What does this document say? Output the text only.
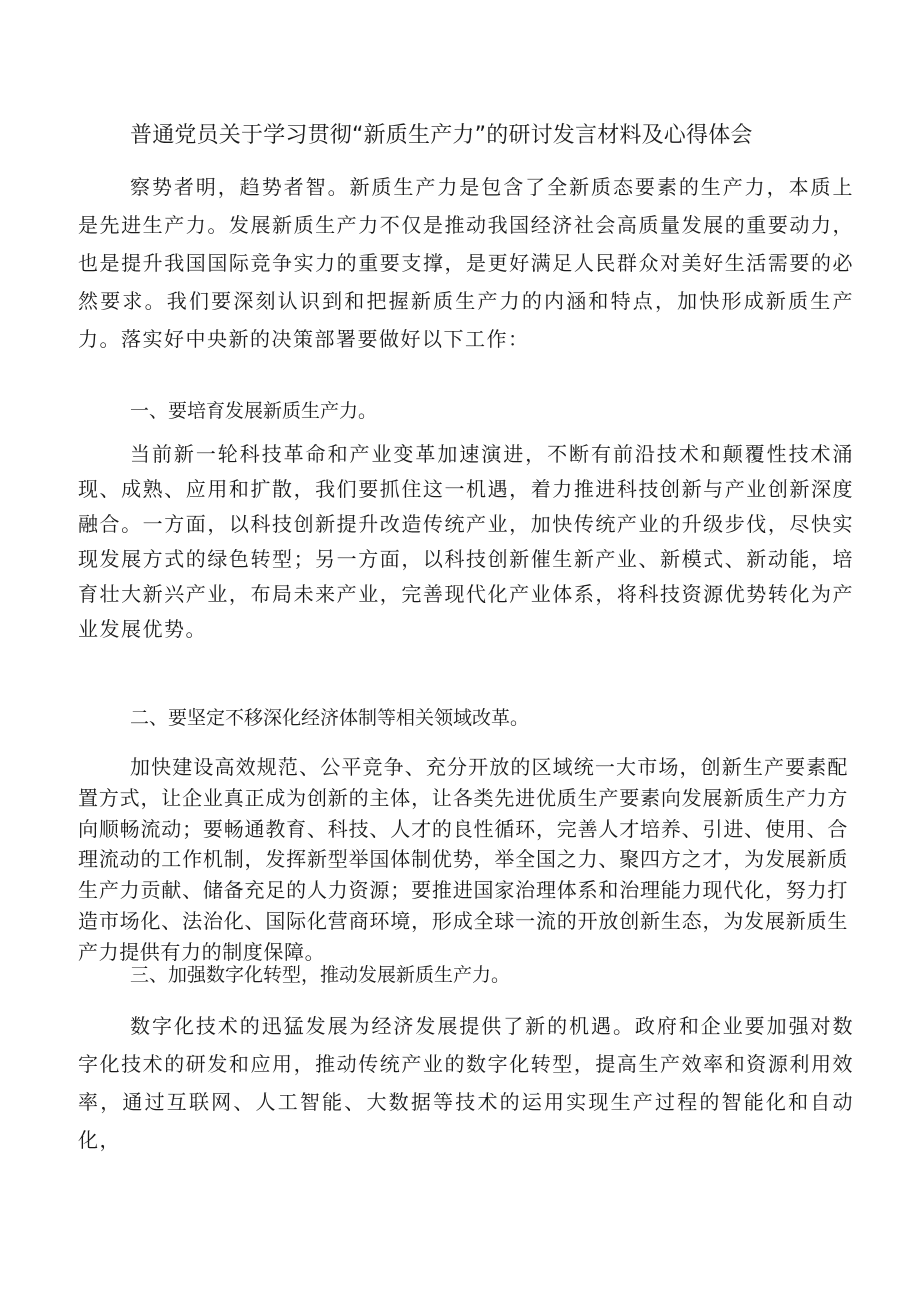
普通党员关于学习贯彻“新质生产力”的研讨发言材料及心得体会

察势者明，趋势者智。新质生产力是包含了全新质态要素的生产力，本质上是先进生产力。发展新质生产力不仅是推动我国经济社会高质量发展的重要动力，也是提升我国国际竞争实力的重要支撑，是更好满足人民群众对美好生活需要的必然要求。我们要深刻认识到和把握新质生产力的内涵和特点，加快形成新质生产力。落实好中央新的决策部署要做好以下工作：

一、要培育发展新质生产力。

当前新一轮科技革命和产业变革加速演进，不断有前沿技术和颠覆性技术涌现、成熟、应用和扩散，我们要抓住这一机遇，着力推进科技创新与产业创新深度融合。一方面，以科技创新提升改造传统产业，加快传统产业的升级步伐，尽快实现发展方式的绿色转型；另一方面，以科技创新催生新产业、新模式、新动能，培育壮大新兴产业，布局未来产业，完善现代化产业体系，将科技资源优势转化为产业发展优势。

二、要坚定不移深化经济体制等相关领域改革。

加快建设高效规范、公平竞争、充分开放的区域统一大市场，创新生产要素配置方式，让企业真正成为创新的主体，让各类先进优质生产要素向发展新质生产力方向顺畅流动；要畅通教育、科技、人才的良性循环，完善人才培养、引进、使用、合理流动的工作机制，发挥新型举国体制优势，举全国之力、聚四方之才，为发展新质生产力贡献、储备充足的人力资源；要推进国家治理体系和治理能力现代化，努力打造市场化、法治化、国际化营商环境，形成全球一流的开放创新生态，为发展新质生产力提供有力的制度保障。

三、加强数字化转型，推动发展新质生产力。

数字化技术的迅猛发展为经济发展提供了新的机遇。政府和企业要加强对数字化技术的研发和应用，推动传统产业的数字化转型，提高生产效率和资源利用效率，通过互联网、人工智能、大数据等技术的运用实现生产过程的智能化和自动化，
